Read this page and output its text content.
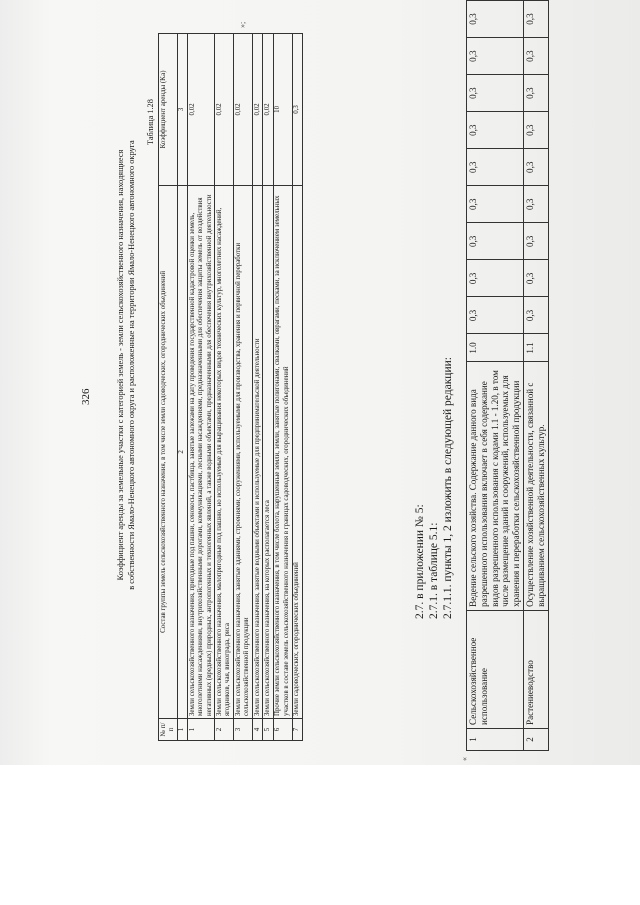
326	Коэффициент аренды за земельные участки с категорией земель - земли сельскохозяйственного назначения, находящиеся в собственности Ямало-Ненецкого автономного округа и расположенные на территории Ямало-Ненецкого автономного округа
Таблица 1.28
№ п/п	Состав группы земель сельскохозяйственного назначения, в том числе земли садоводческих, огороднических объединений	Коэффициент аренды (Ka)
1	2	3
1	Земли сельскохозяйственного назначения, пригодные под пашни, сенокосы, пастбища, занятые залежами на дату проведения государственной кадастровой оценки земель, многолетними насаждениями, внутрихозяйственными дорогами, коммуникациями, лесными насаждениями, предназначенными для обеспечения защиты земель от воздействия негативных (вредных) природных, антропогенных и техногенных явлений, а также водными объектами, предназначенными для обеспечения внутрихозяйственной деятельности	0,02
2	Земли сельскохозяйственного назначения, малопригодные под пашню, но используемые для выращивания некоторых видов технических культур, многолетних насаждений, ягодников, чая, винограда, риса	0,02
3	Земли сельскохозяйственного назначения, занятые зданиями, строениями, сооружениями, используемыми для производства, хранения и первичной переработки сельскохозяйственной продукции	0,02
4	Земли сельскохозяйственного назначения, занятые водными объектами и используемые для предпринимательской деятельности	0,02
5	Земли сельскохозяйственного назначения, на которых располагается леса	0,02
6	Прочие земли сельскохозяйственного назначения, в том числе болота, нарушенные земли, земли, занятые полигонами, свалками, оврагами, песками, за исключением земельных участков в составе земель сельскохозяйственного назначения в границах садоводческих, огороднических объединений	10
7	Земли садоводческих, огороднических объединений	0,3
»;
2.7. в приложении № 5: 2.7.1. в таблице 5.1: 2.7.1.1. пункты 1, 2 изложить в следующей редакции:
«
1	Сельскохозяйственное использование	Ведение сельского хозяйства. Содержание данного вида разрешенного использования включает в себя содержание видов разрешенного использования с кодами 1.1 - 1.20, в том числе размещение зданий и сооружений, используемых для хранения и переработки сельскохозяйственной продукции	1.0	0,3	0,3	0,3	0,3	0,3	0,3	0,3	0,3	0,3
2	Растениеводство	Осуществление хозяйственной деятельности, связанной с выращиванием сельскохозяйственных культур.	1.1	0,3	0,3	0,3	0,3	0,3	0,3	0,3	0,3	0,3
